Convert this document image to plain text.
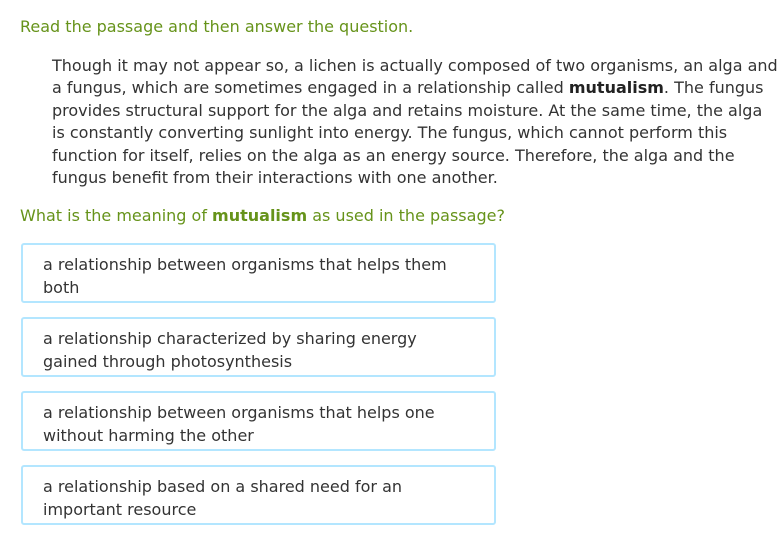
Read the passage and then answer the question.

Though it may not appear so, a lichen is actually composed of two organisms, an alga and a fungus, which are sometimes engaged in a relationship called mutualism. The fungus provides structural support for the alga and retains moisture. At the same time, the alga is constantly converting sunlight into energy. The fungus, which cannot perform this function for itself, relies on the alga as an energy source. Therefore, the alga and the fungus benefit from their interactions with one another.

What is the meaning of mutualism as used in the passage?

a relationship between organisms that helps them both
a relationship characterized by sharing energy gained through photosynthesis
a relationship between organisms that helps one without harming the other
a relationship based on a shared need for an important resource
